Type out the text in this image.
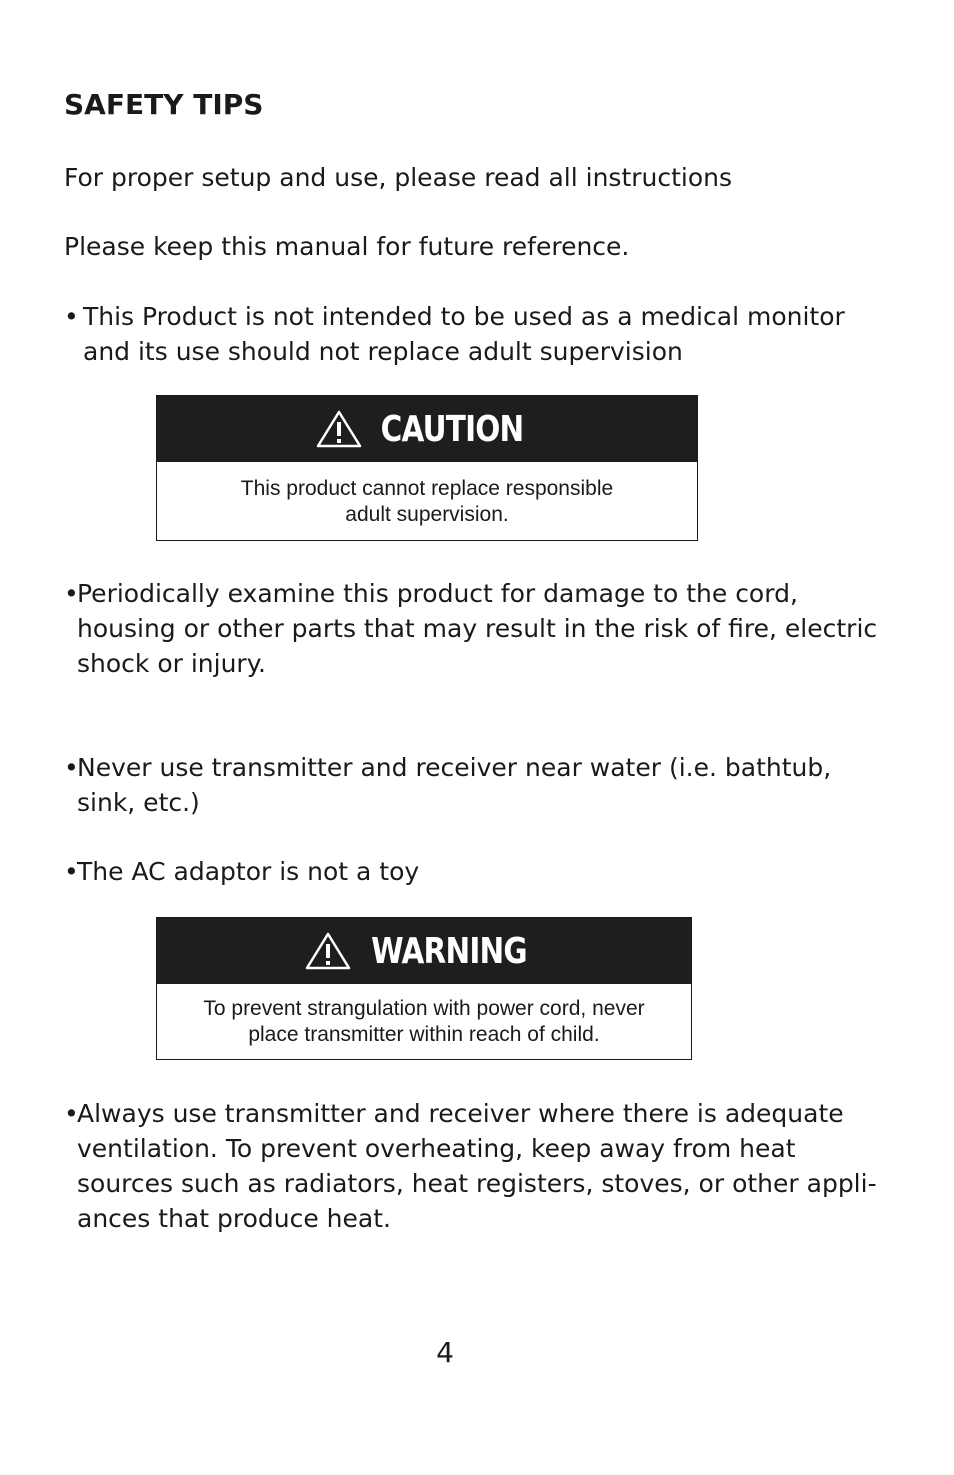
SAFETY TIPS
For proper setup and use, please read all instructions
Please keep this manual for future reference.
• This Product is not intended to be used as a medical monitor
and its use should not replace adult supervision
CAUTION
This product cannot replace responsible
adult supervision.
•
Periodically examine this product for damage to the cord,
housing or other parts that may result in the risk of fire, electric
shock or injury.
•
Never use transmitter and receiver near water (i.e. bathtub,
sink, etc.)
•
The AC adaptor is not a toy
WARNING
To prevent strangulation with power cord, never
place transmitter within reach of child.
•
Always use transmitter and receiver where there is adequate
ventilation. To prevent overheating, keep away from heat
sources such as radiators, heat registers, stoves, or other appli-
ances that produce heat.
4
